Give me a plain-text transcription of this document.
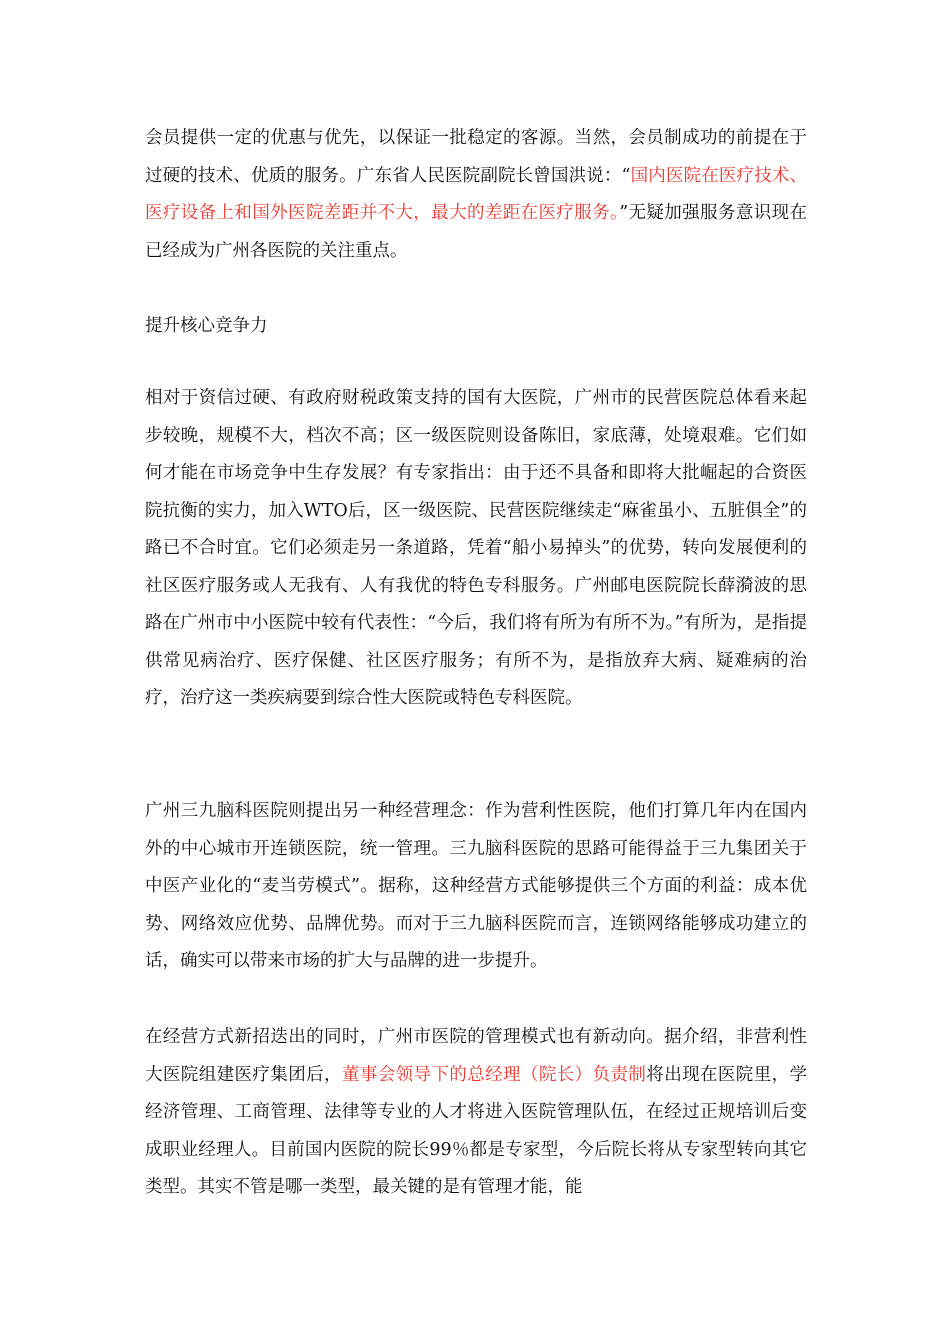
会员提供一定的优惠与优先，以保证一批稳定的客源。当然，会员制成功的前提在于过硬的技术、优质的服务。广东省人民医院副院长曾国洪说：“国内医院在医疗技术、医疗设备上和国外医院差距并不大，最大的差距在医疗服务。”无疑加强服务意识现在已经成为广州各医院的关注重点。
提升核心竞争力
相对于资信过硬、有政府财税政策支持的国有大医院，广州市的民营医院总体看来起步较晚，规模不大，档次不高；区一级医院则设备陈旧，家底薄，处境艰难。它们如何才能在市场竞争中生存发展？有专家指出：由于还不具备和即将大批崛起的合资医院抗衡的实力，加入WTO后，区一级医院、民营医院继续走“麻雀虽小、五脏俱全”的路已不合时宜。它们必须走另一条道路，凭着“船小易掉头”的优势，转向发展便利的社区医疗服务或人无我有、人有我优的特色专科服务。广州邮电医院院长薛漪波的思路在广州市中小医院中较有代表性：“今后，我们将有所为有所不为。”有所为，是指提供常见病治疗、医疗保健、社区医疗服务；有所不为，是指放弃大病、疑难病的治疗，治疗这一类疾病要到综合性大医院或特色专科医院。
广州三九脑科医院则提出另一种经营理念：作为营利性医院，他们打算几年内在国内外的中心城市开连锁医院，统一管理。三九脑科医院的思路可能得益于三九集团关于中医产业化的“麦当劳模式”。据称，这种经营方式能够提供三个方面的利益：成本优势、网络效应优势、品牌优势。而对于三九脑科医院而言，连锁网络能够成功建立的话，确实可以带来市场的扩大与品牌的进一步提升。
在经营方式新招迭出的同时，广州市医院的管理模式也有新动向。据介绍，非营利性大医院组建医疗集团后，董事会领导下的总经理（院长）负责制将出现在医院里，学经济管理、工商管理、法律等专业的人才将进入医院管理队伍，在经过正规培训后变成职业经理人。目前国内医院的院长99％都是专家型，今后院长将从专家型转向其它类型。其实不管是哪一类型，最关键的是有管理才能，能
